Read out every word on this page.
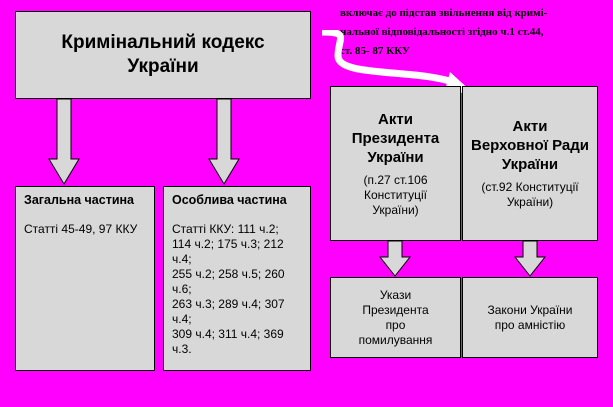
включає до підстав звільнення від кримі-
нальної відповідальності згідно ч.1 ст.44,
ст. 85- 87 ККУ
Кримінальний кодекс
України
Загальна частина
Статті 45-49, 97 ККУ
Особлива частина
Статті ККУ: 111 ч.2;
114 ч.2; 175 ч.3; 212 ч.4;
255 ч.2; 258 ч.5; 260 ч.6;
263 ч.3; 289 ч.4; 307 ч.4;
309 ч.4; 311 ч.4; 369 ч.3.
Акти
Президента
України
(п.27 ст.106
Конституції
України)
Акти
Верховної Ради
України
(ст.92 Конституції
України)
Укази
Президента
про
помилування
Закони України
про амністію
